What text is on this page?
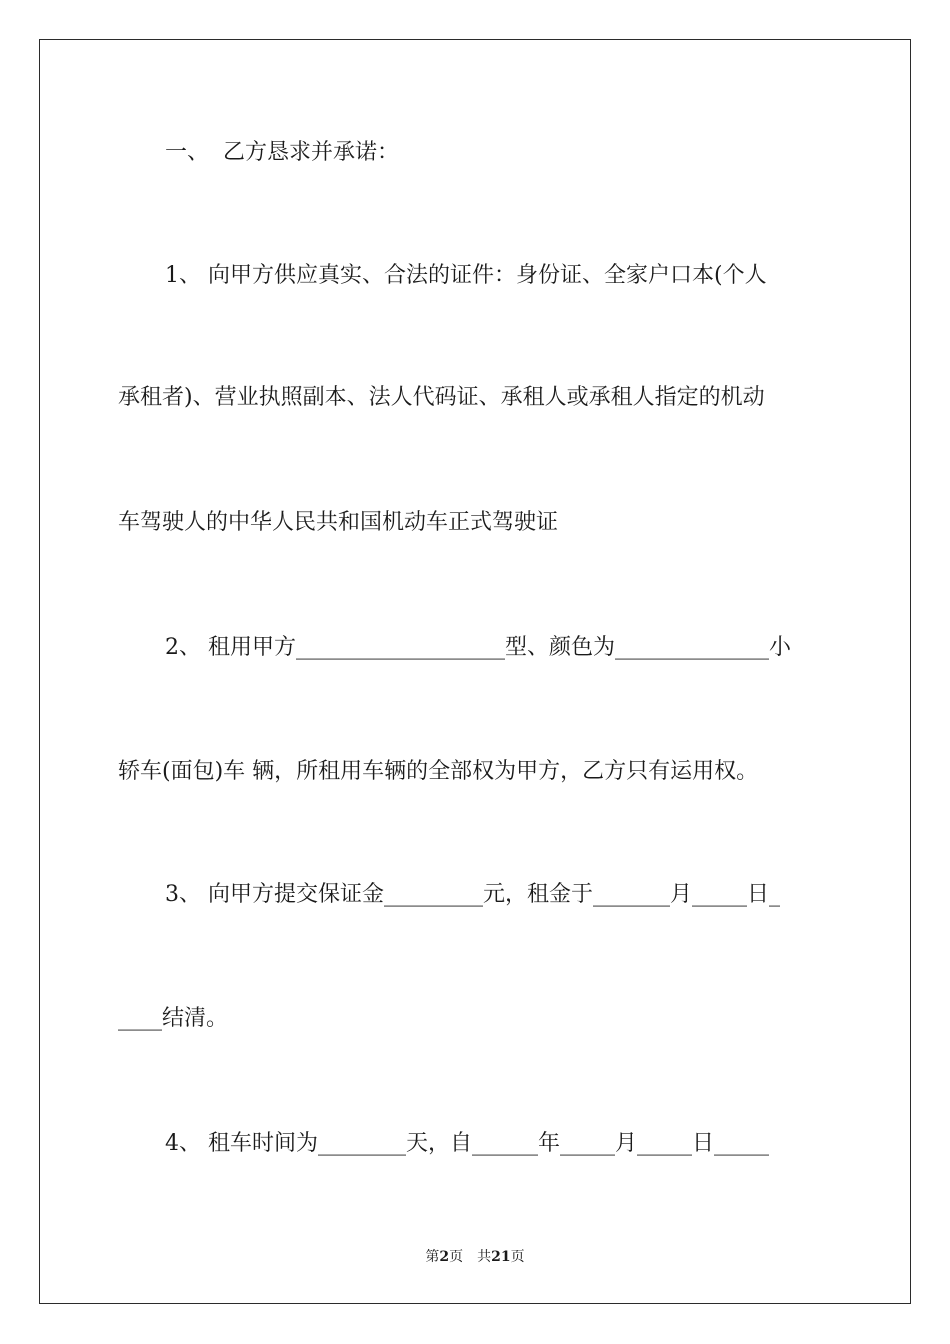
一、  乙方恳求并承诺：
1、 向甲方供应真实、合法的证件：身份证、全家户口本(个人
承租者)、营业执照副本、法人代码证、承租人或承租人指定的机动
车驾驶人的中华人民共和国机动车正式驾驶证
2、 租用甲方___________________型、颜色为______________小
轿车(面包)车 辆，所租用车辆的全部权为甲方，乙方只有运用权。
3、 向甲方提交保证金_________元，租金于_______月_____日_
____结清。
4、 租车时间为________天，自______年_____月_____日_____
第2页　共21页
